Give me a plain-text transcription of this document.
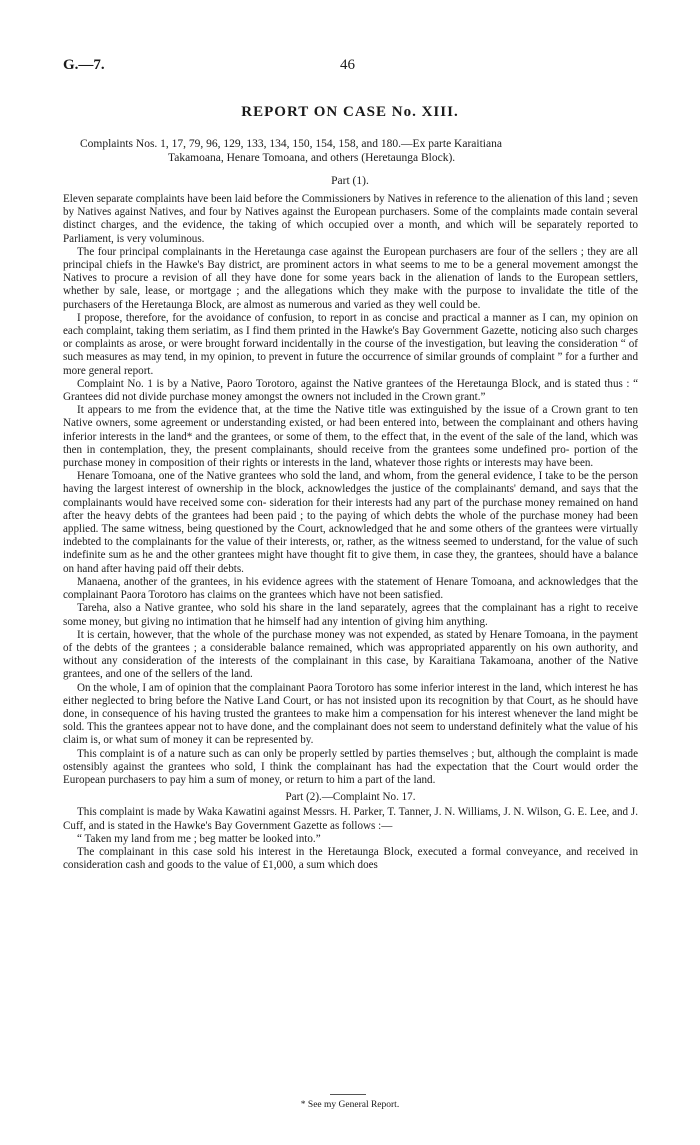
G.—7.	46
REPORT ON CASE No. XIII.
Complaints Nos. 1, 17, 79, 96, 129, 133, 134, 150, 154, 158, and 180.—Ex parte Karaitiana
Takamoana, Henare Tomoana, and others (Heretaunga Block).
Part (1).

Eleven separate complaints have been laid before the Commissioners by Natives in reference to the alienation of this land ; seven by Natives against Natives, and four by Natives against the European purchasers. Some of the complaints made contain several distinct charges, and the evidence, the taking of which occupied over a month, and which will be separately reported to Parliament, is very voluminous.

The four principal complainants in the Heretaunga case against the European purchasers are four of the sellers ; they are all principal chiefs in the Hawke's Bay district, are prominent actors in what seems to me to be a general movement amongst the Natives to procure a revision of all they have done for some years back in the alienation of lands to the European settlers, whether by sale, lease, or mortgage ; and the allegations which they make with the purpose to invalidate the title of the purchasers of the Heretaunga Block, are almost as numerous and varied as they well could be.

I propose, therefore, for the avoidance of confusion, to report in as concise and practical a manner as I can, my opinion on each complaint, taking them seriatim, as I find them printed in the Hawke's Bay Government Gazette, noticing also such charges or complaints as arose, or were brought forward incidentally in the course of the investigation, but leaving the consideration “ of such measures as may tend, in my opinion, to prevent in future the occurrence of similar grounds of complaint ” for a further and more general report.

Complaint No. 1 is by a Native, Paoro Torotoro, against the Native grantees of the Heretaunga Block, and is stated thus : “ Grantees did not divide purchase money amongst the owners not included in the Crown grant.”

It appears to me from the evidence that, at the time the Native title was extinguished by the issue of a Crown grant to ten Native owners, some agreement or understanding existed, or had been entered into, between the complainant and others having inferior interests in the land* and the grantees, or some of them, to the effect that, in the event of the sale of the land, which was then in contemplation, they, the present complainants, should receive from the grantees some undefined pro- portion of the purchase money in composition of their rights or interests in the land, whatever those rights or interests may have been.

Henare Tomoana, one of the Native grantees who sold the land, and whom, from the general evidence, I take to be the person having the largest interest of ownership in the block, acknowledges the justice of the complainants' demand, and says that the complainants would have received some con- sideration for their interests had any part of the purchase money remained on hand after the heavy debts of the grantees had been paid ; to the paying of which debts the whole of the purchase money had been applied. The same witness, being questioned by the Court, acknowledged that he and some others of the grantees were virtually indebted to the complainants for the value of their interests, or, rather, as the witness seemed to understand, for the value of such indefinite sum as he and the other grantees might have thought fit to give them, in case they, the grantees, should have a balance on hand after having paid off their debts.

Manaena, another of the grantees, in his evidence agrees with the statement of Henare Tomoana, and acknowledges that the complainant Paora Torotoro has claims on the grantees which have not been satisfied.

Tareha, also a Native grantee, who sold his share in the land separately, agrees that the complainant has a right to receive some money, but giving no intimation that he himself had any intention of giving him anything.

It is certain, however, that the whole of the purchase money was not expended, as stated by Henare Tomoana, in the payment of the debts of the grantees ; a considerable balance remained, which was appropriated apparently on his own authority, and without any consideration of the interests of the complainant in this case, by Karaitiana Takamoana, another of the Native grantees, and one of the sellers of the land.

On the whole, I am of opinion that the complainant Paora Torotoro has some inferior interest in the land, which interest he has either neglected to bring before the Native Land Court, or has not insisted upon its recognition by that Court, as he should have done, in consequence of his having trusted the grantees to make him a compensation for his interest whenever the land might be sold. This the grantees appear not to have done, and the complainant does not seem to understand definitely what the value of his claim is, or what sum of money it can be represented by.

This complaint is of a nature such as can only be properly settled by parties themselves ; but, although the complaint is made ostensibly against the grantees who sold, I think the complainant has had the expectation that the Court would order the European purchasers to pay him a sum of money, or return to him a part of the land.

Part (2).—Complaint No. 17.

This complaint is made by Waka Kawatini against Messrs. H. Parker, T. Tanner, J. N. Williams, J. N. Wilson, G. E. Lee, and J. Cuff, and is stated in the Hawke's Bay Government Gazette as follows :—

“ Taken my land from me ; beg matter be looked into.”

The complainant in this case sold his interest in the Heretaunga Block, executed a formal conveyance, and received in consideration cash and goods to the value of £1,000, a sum which does

* See my General Report.
